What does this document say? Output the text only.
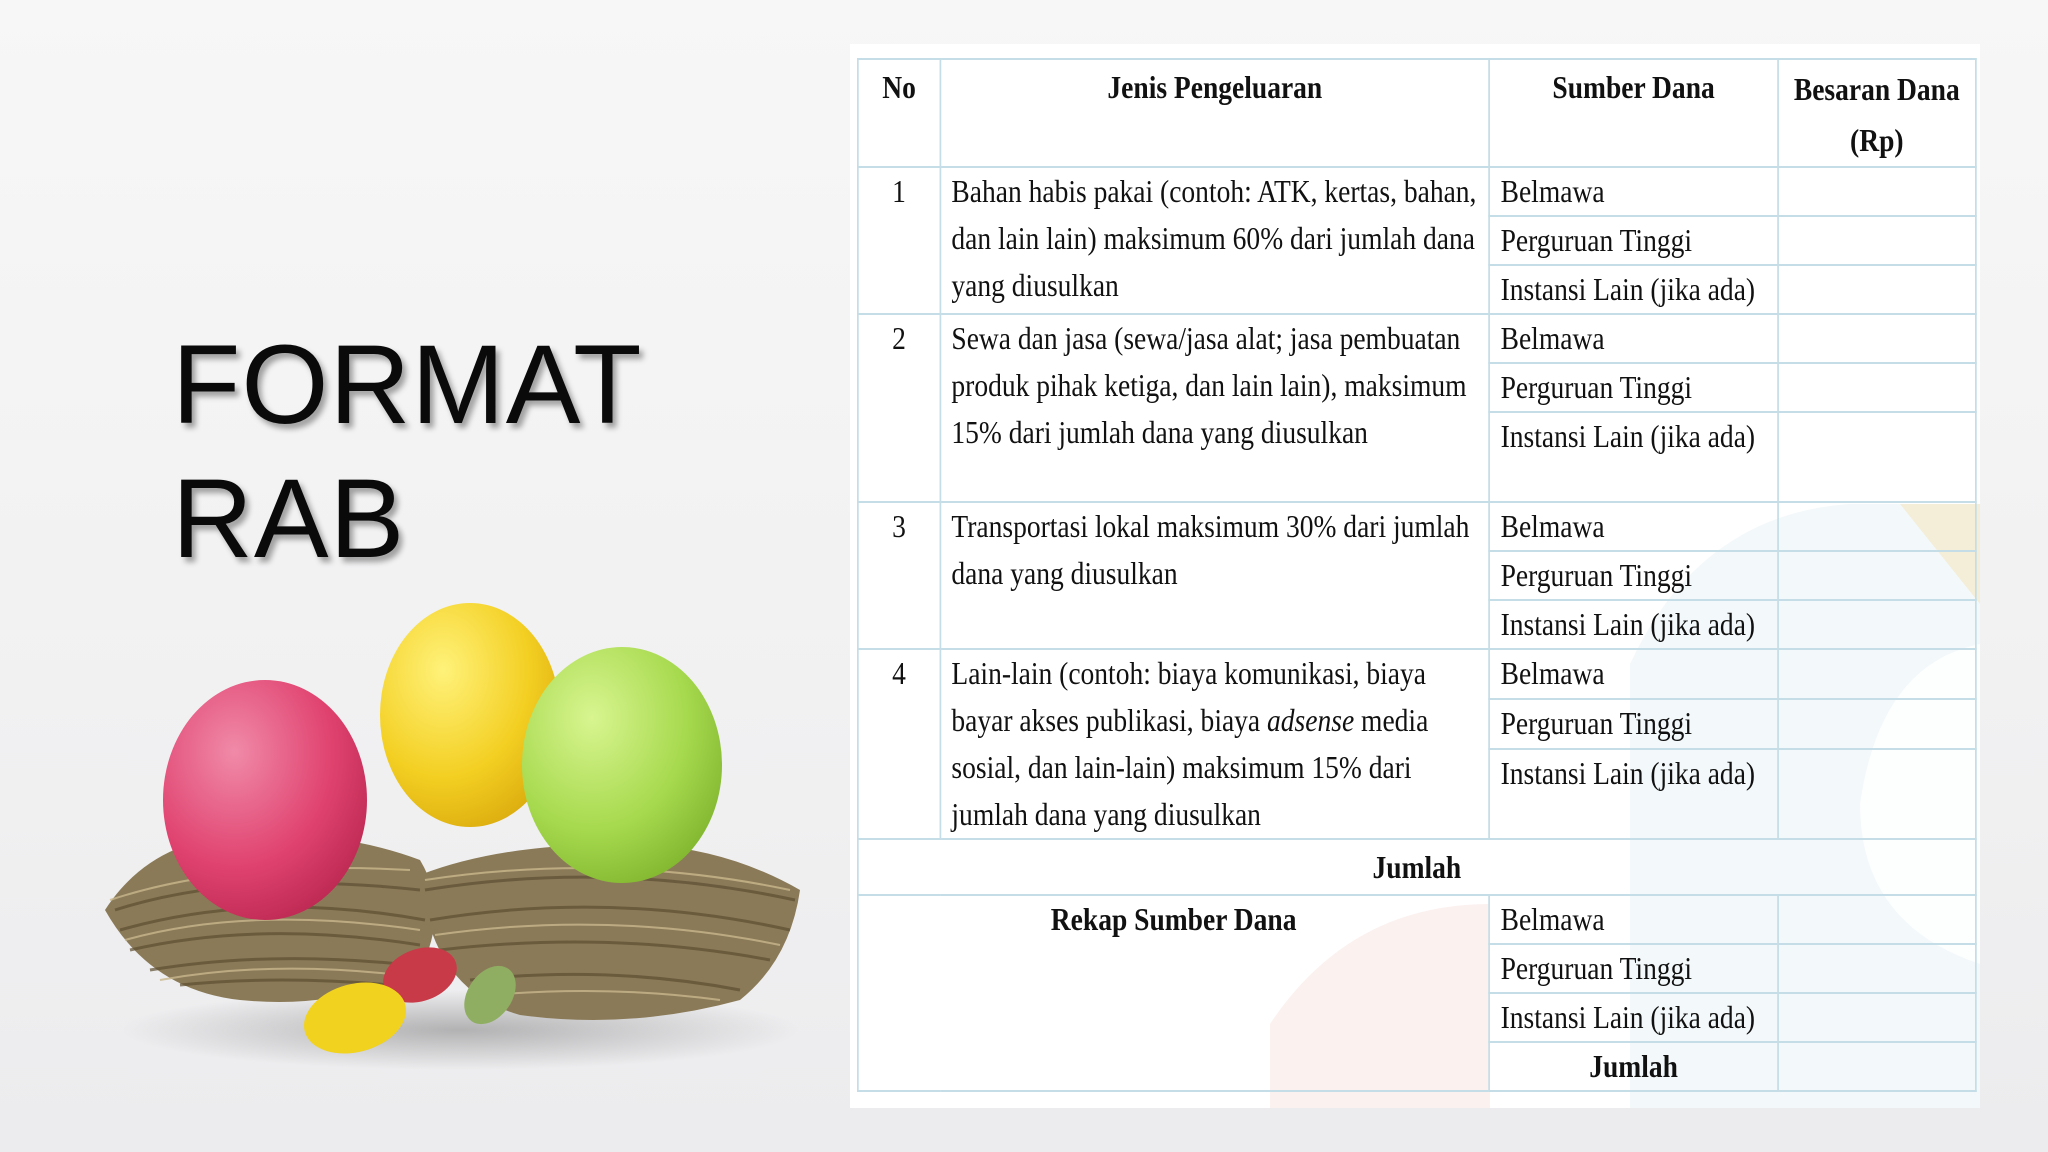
FORMAT
RAB
No	Jenis Pengeluaran	Sumber Dana	Besaran Dana (Rp)
1	Bahan habis pakai (contoh: ATK, kertas, bahan, dan lain lain) maksimum 60% dari jumlah dana yang diusulkan	Belmawa	
		Perguruan Tinggi	
		Instansi Lain (jika ada)	
2	Sewa dan jasa (sewa/jasa alat; jasa pembuatan produk pihak ketiga, dan lain lain), maksimum 15% dari jumlah dana yang diusulkan	Belmawa	
		Perguruan Tinggi	
		Instansi Lain (jika ada)	
3	Transportasi lokal maksimum 30% dari jumlah dana yang diusulkan	Belmawa	
		Perguruan Tinggi	
		Instansi Lain (jika ada)	
4	Lain-lain (contoh: biaya komunikasi, biaya bayar akses publikasi, biaya adsense media sosial, dan lain-lain) maksimum 15% dari jumlah dana yang diusulkan	Belmawa	
		Perguruan Tinggi	
		Instansi Lain (jika ada)	
Jumlah			
Rekap Sumber Dana		Belmawa	
		Perguruan Tinggi	
		Instansi Lain (jika ada)	
		Jumlah	
